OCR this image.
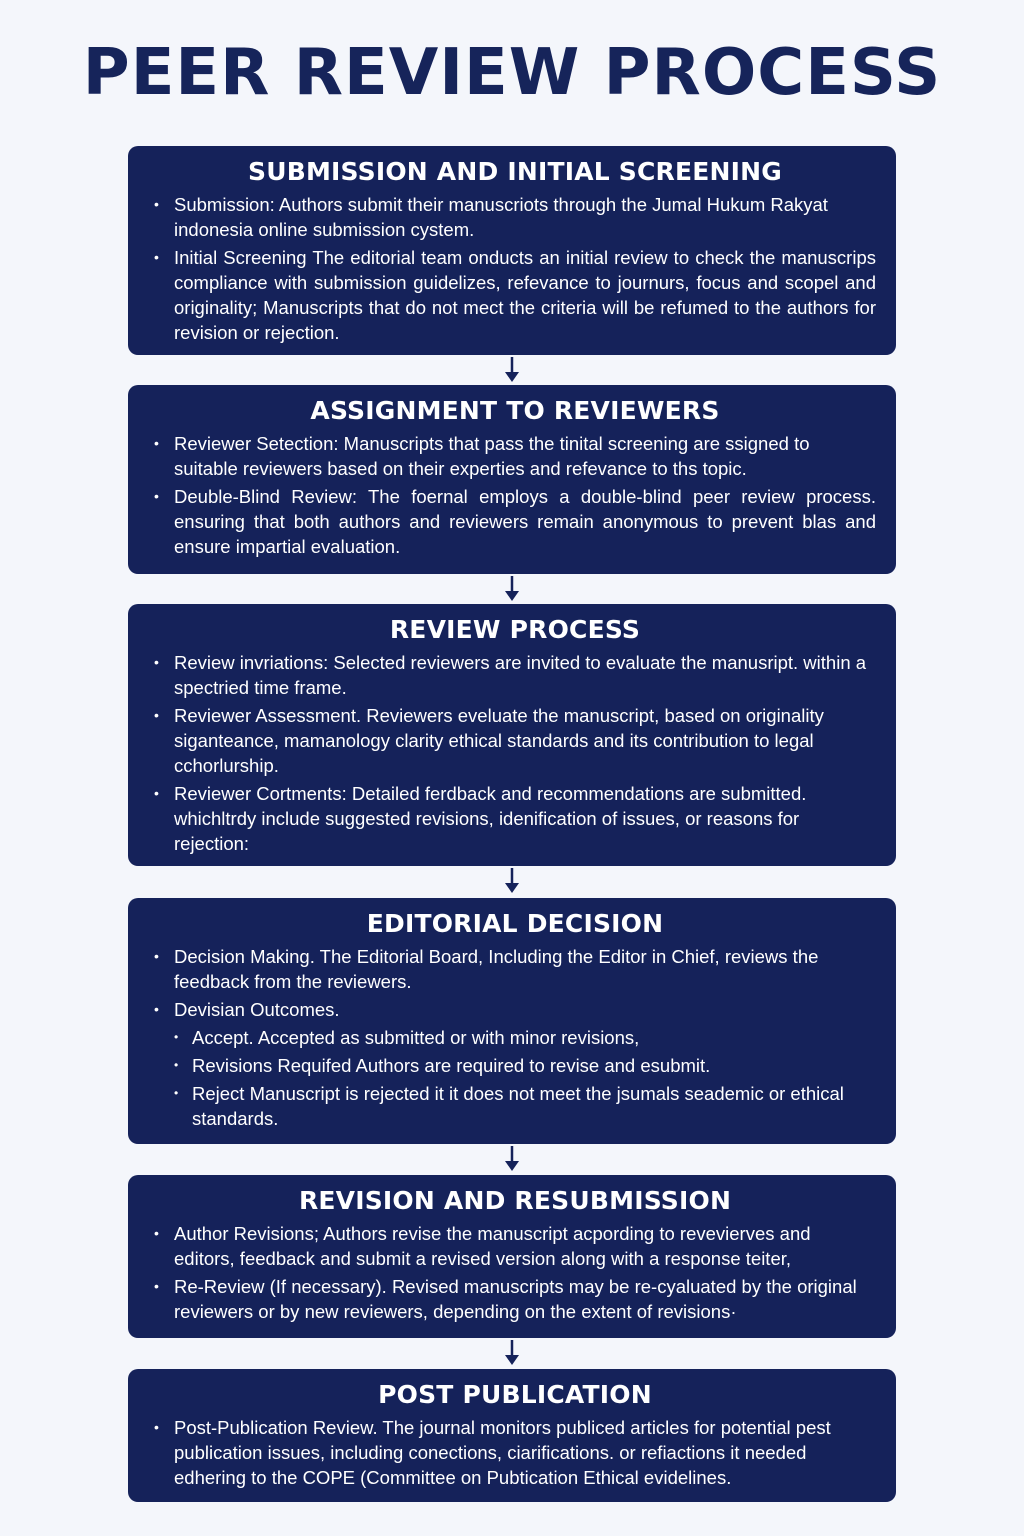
PEER REVIEW PROCESS
SUBMISSION AND INITIAL SCREENING
• Submission: Authors submit their manuscriots through the Jumal Hukum Rakyat indonesia online submission cystem.
• Initial Screening The editorial team onducts an initial review to check the manuscrips compliance with submission guidelizes, refevance to journurs, focus and scopel and originality; Manuscripts that do not mect the criteria will be refumed to the authors for revision or rejection.
ASSIGNMENT TO REVIEWERS
• Reviewer Setection: Manuscripts that pass the tinital screening are ssigned to suitable reviewers based on their experties and refevance to ths topic.
• Deuble-Blind Review: The foernal employs a double-blind peer review process. ensuring that both authors and reviewers remain anonymous to prevent blas and ensure impartial evaluation.
REVIEW PROCESS
• Review invriations: Selected reviewers are invited to evaluate the manusript. within a spectried time frame.
• Reviewer Assessment. Reviewers eveluate the manuscript, based on originality siganteance, mamanology clarity ethical standards and its contribution to legal cchorlurship.
• Reviewer Cortments: Detailed ferdback and recommendations are submitted. whichltrdy include suggested revisions, idenification of issues, or reasons for rejection:
EDITORIAL DECISION
• Decision Making. The Editorial Board, Including the Editor in Chief, reviews the feedback from the reviewers.
• Devisian Outcomes.
• Accept. Accepted as submitted or with minor revisions,
• Revisions Requifed Authors are required to revise and esubmit.
• Reject Manuscript is rejected it it does not meet the jsumals seademic or ethical standards.
REVISION AND RESUBMISSION
• Author Revisions; Authors revise the manuscript acpording to revevierves and editors, feedback and submit a revised version along with a response teiter,
• Re-Review (If necessary). Revised manuscripts may be re-cyaluated by the original reviewers or by new reviewers, depending on the extent of revisions·
POST PUBLICATION
• Post-Publication Review. The journal monitors publiced articles for potential pest publication issues, including conections, ciarifications. or refiactions it needed edhering to the COPE (Committee on Pubtication Ethical evidelines.
